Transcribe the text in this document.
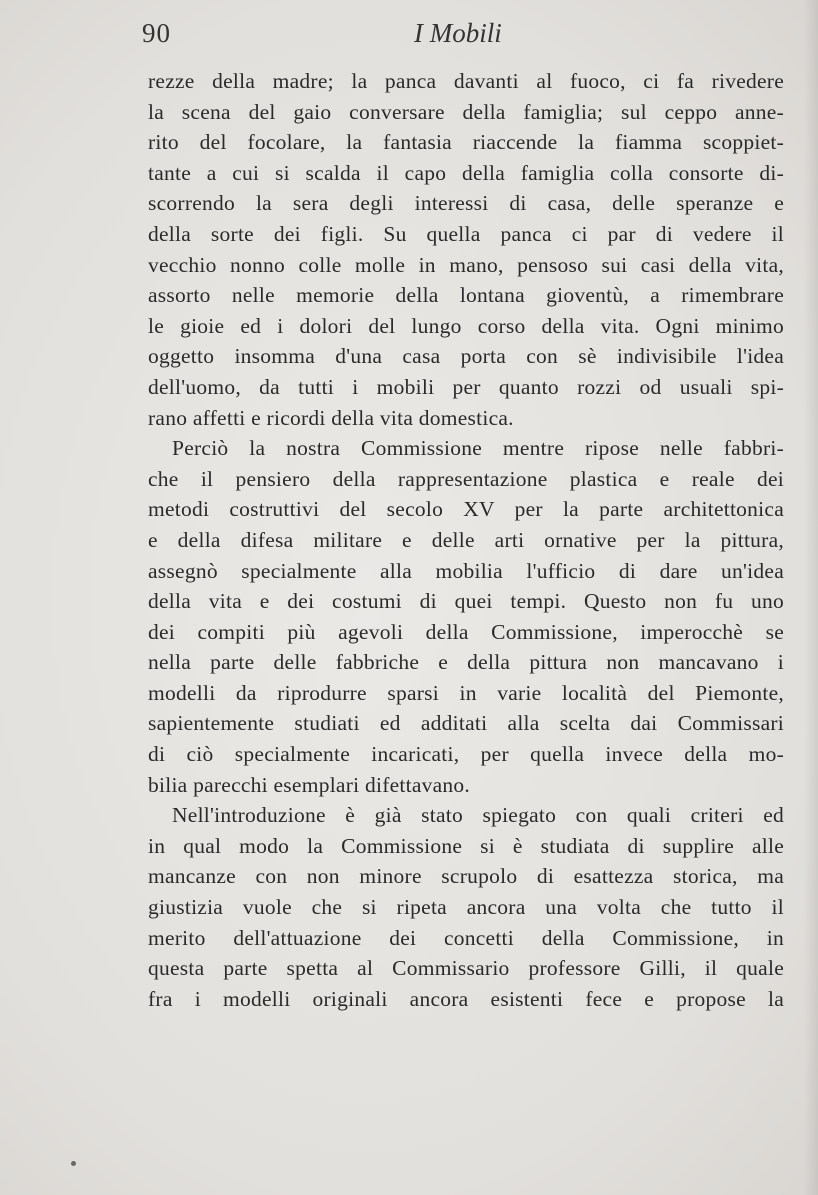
90	I Mobili
rezze della madre; la panca davanti al fuoco, ci fa rivedere
la scena del gaio conversare della famiglia; sul ceppo anne-
rito del focolare, la fantasia riaccende la fiamma scoppiet-
tante a cui si scalda il capo della famiglia colla consorte di-
scorrendo la sera degli interessi di casa, delle speranze e
della sorte dei figli. Su quella panca ci par di vedere il
vecchio nonno colle molle in mano, pensoso sui casi della vita,
assorto nelle memorie della lontana gioventù, a rimembrare
le gioie ed i dolori del lungo corso della vita. Ogni minimo
oggetto insomma d'una casa porta con sè indivisibile l'idea
dell'uomo, da tutti i mobili per quanto rozzi od usuali spi-
rano affetti e ricordi della vita domestica.
Perciò la nostra Commissione mentre ripose nelle fabbri-
che il pensiero della rappresentazione plastica e reale dei
metodi costruttivi del secolo XV per la parte architettonica
e della difesa militare e delle arti ornative per la pittura,
assegnò specialmente alla mobilia l'ufficio di dare un'idea
della vita e dei costumi di quei tempi. Questo non fu uno
dei compiti più agevoli della Commissione, imperocchè se
nella parte delle fabbriche e della pittura non mancavano i
modelli da riprodurre sparsi in varie località del Piemonte,
sapientemente studiati ed additati alla scelta dai Commissari
di ciò specialmente incaricati, per quella invece della mo-
bilia parecchi esemplari difettavano.
Nell'introduzione è già stato spiegato con quali criteri ed
in qual modo la Commissione si è studiata di supplire alle
mancanze con non minore scrupolo di esattezza storica, ma
giustizia vuole che si ripeta ancora una volta che tutto il
merito dell'attuazione dei concetti della Commissione, in
questa parte spetta al Commissario professore Gilli, il quale
fra i modelli originali ancora esistenti fece e propose la
